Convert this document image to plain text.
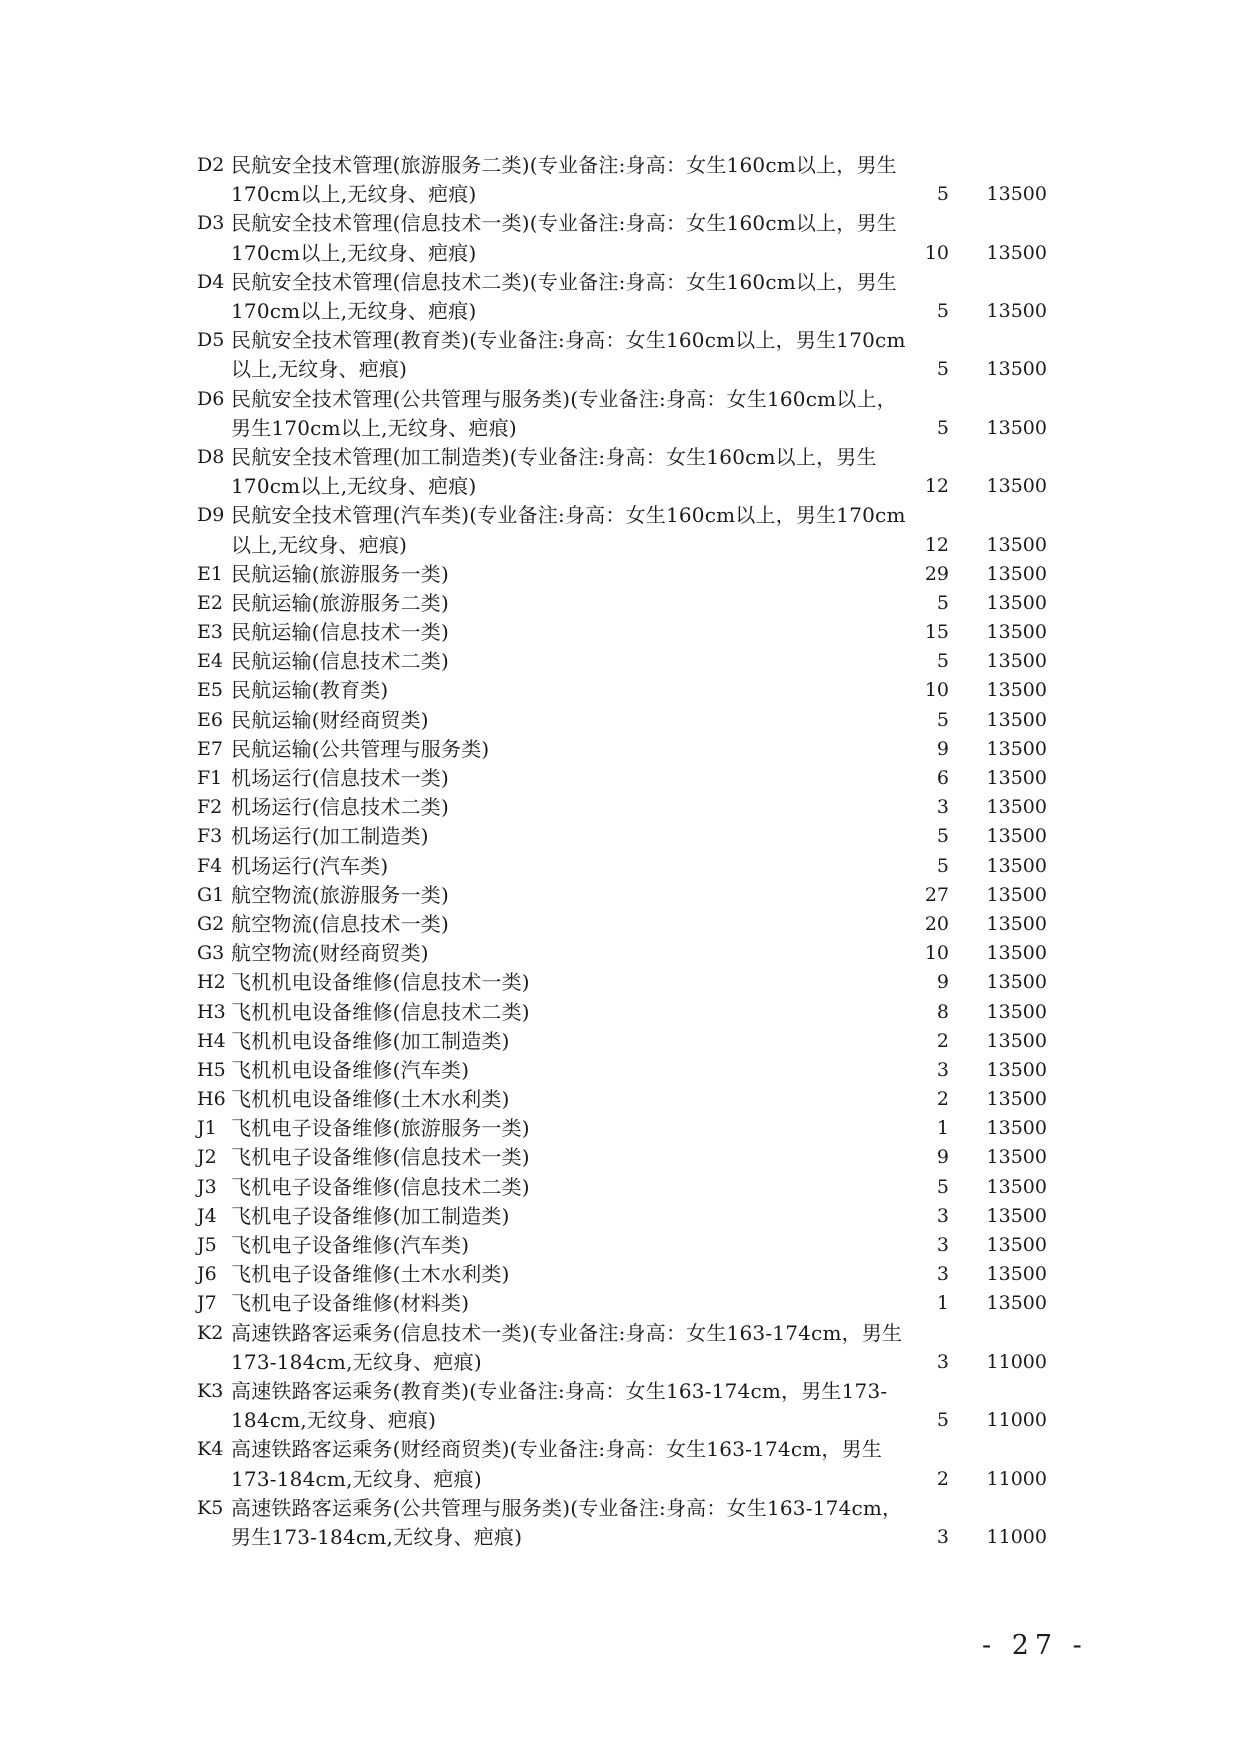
D2 民航安全技术管理(旅游服务二类)(专业备注:身高：女生160cm以上，男生170cm以上,无纹身、疤痕)	5	13500
D3 民航安全技术管理(信息技术一类)(专业备注:身高：女生160cm以上，男生170cm以上,无纹身、疤痕)	10	13500
D4 民航安全技术管理(信息技术二类)(专业备注:身高：女生160cm以上，男生170cm以上,无纹身、疤痕)	5	13500
D5 民航安全技术管理(教育类)(专业备注:身高：女生160cm以上，男生170cm以上,无纹身、疤痕)	5	13500
D6 民航安全技术管理(公共管理与服务类)(专业备注:身高：女生160cm以上，男生170cm以上,无纹身、疤痕)	5	13500
D8 民航安全技术管理(加工制造类)(专业备注:身高：女生160cm以上，男生170cm以上,无纹身、疤痕)	12	13500
D9 民航安全技术管理(汽车类)(专业备注:身高：女生160cm以上，男生170cm以上,无纹身、疤痕)	12	13500
E1 民航运输(旅游服务一类)	29	13500
E2 民航运输(旅游服务二类)	5	13500
E3 民航运输(信息技术一类)	15	13500
E4 民航运输(信息技术二类)	5	13500
E5 民航运输(教育类)	10	13500
E6 民航运输(财经商贸类)	5	13500
E7 民航运输(公共管理与服务类)	9	13500
F1 机场运行(信息技术一类)	6	13500
F2 机场运行(信息技术二类)	3	13500
F3 机场运行(加工制造类)	5	13500
F4 机场运行(汽车类)	5	13500
G1 航空物流(旅游服务一类)	27	13500
G2 航空物流(信息技术一类)	20	13500
G3 航空物流(财经商贸类)	10	13500
H2 飞机机电设备维修(信息技术一类)	9	13500
H3 飞机机电设备维修(信息技术二类)	8	13500
H4 飞机机电设备维修(加工制造类)	2	13500
H5 飞机机电设备维修(汽车类)	3	13500
H6 飞机机电设备维修(土木水利类)	2	13500
J1 飞机电子设备维修(旅游服务一类)	1	13500
J2 飞机电子设备维修(信息技术一类)	9	13500
J3 飞机电子设备维修(信息技术二类)	5	13500
J4 飞机电子设备维修(加工制造类)	3	13500
J5 飞机电子设备维修(汽车类)	3	13500
J6 飞机电子设备维修(土木水利类)	3	13500
J7 飞机电子设备维修(材料类)	1	13500
K2 高速铁路客运乘务(信息技术一类)(专业备注:身高：女生163-174cm，男生173-184cm,无纹身、疤痕)	3	11000
K3 高速铁路客运乘务(教育类)(专业备注:身高：女生163-174cm，男生173-184cm,无纹身、疤痕)	5	11000
K4 高速铁路客运乘务(财经商贸类)(专业备注:身高：女生163-174cm，男生173-184cm,无纹身、疤痕)	2	11000
K5 高速铁路客运乘务(公共管理与服务类)(专业备注:身高：女生163-174cm，男生173-184cm,无纹身、疤痕)	3	11000
- 27 -
